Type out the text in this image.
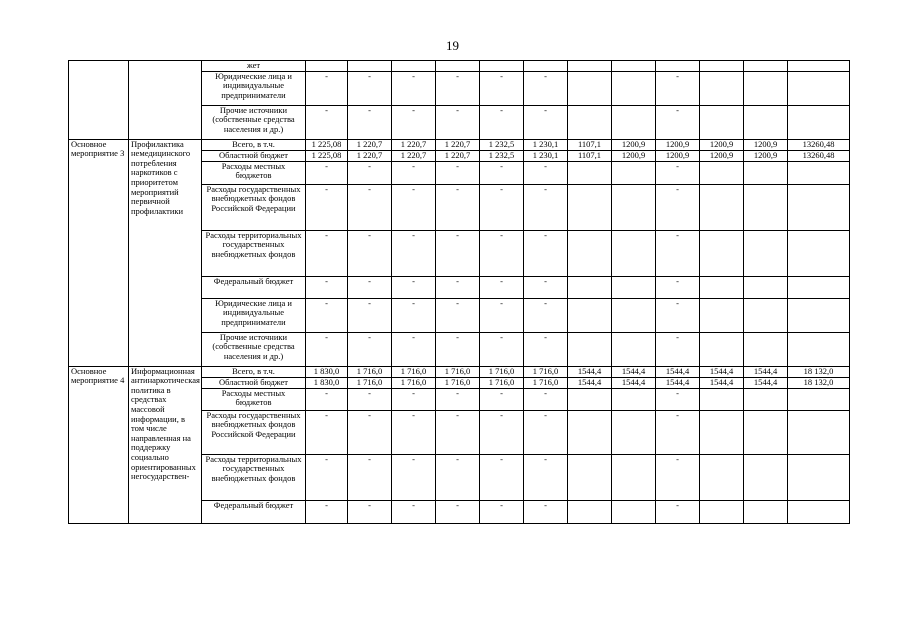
19
		жет												
		Юридические лица и индивидуальные предприниматели	-	-	-	-	-	-			-			
		Прочие источники (собственные средства населения и др.)	-	-	-	-	-	-			-			
Основное мероприятие 3	Профилактика немедицинского потребления наркотиков с приоритетом мероприятий первичной профилактики	Всего, в т.ч.	1 225,08	1 220,7	1 220,7	1 220,7	1 232,5	1 230,1	1107,1	1200,9	1200,9	1200,9	1200,9	13260,48
		Областной бюджет	1 225,08	1 220,7	1 220,7	1 220,7	1 232,5	1 230,1	1107,1	1200,9	1200,9	1200,9	1200,9	13260,48
		Расходы местных бюджетов	-	-	-	-	-	-			-			
		Расходы государственных внебюджетных фондов Российской Федерации	-	-	-	-	-	-			-			
		Расходы территориальных государственных внебюджетных фондов	-	-	-	-	-	-			-			
		Федеральный бюджет	-	-	-	-	-	-			-			
		Юридические лица и индивидуальные предприниматели	-	-	-	-	-	-			-			
		Прочие источники (собственные средства населения и др.)	-	-	-	-	-	-			-			
Основное мероприятие 4	Информационная антинаркотическая политика в средствах массовой информации, в том числе направленная на поддержку социально ориентированных негосударствен-	Всего, в т.ч.	1 830,0	1 716,0	1 716,0	1 716,0	1 716,0	1 716,0	1544,4	1544,4	1544,4	1544,4	1544,4	18 132,0
		Областной бюджет	1 830,0	1 716,0	1 716,0	1 716,0	1 716,0	1 716,0	1544,4	1544,4	1544,4	1544,4	1544,4	18 132,0
		Расходы местных бюджетов	-	-	-	-	-	-			-			
		Расходы государственных внебюджетных фондов Российской Федерации	-	-	-	-	-	-			-			
		Расходы территориальных государственных внебюджетных фондов	-	-	-	-	-	-			-			
		Федеральный бюджет	-	-	-	-	-	-			-			
